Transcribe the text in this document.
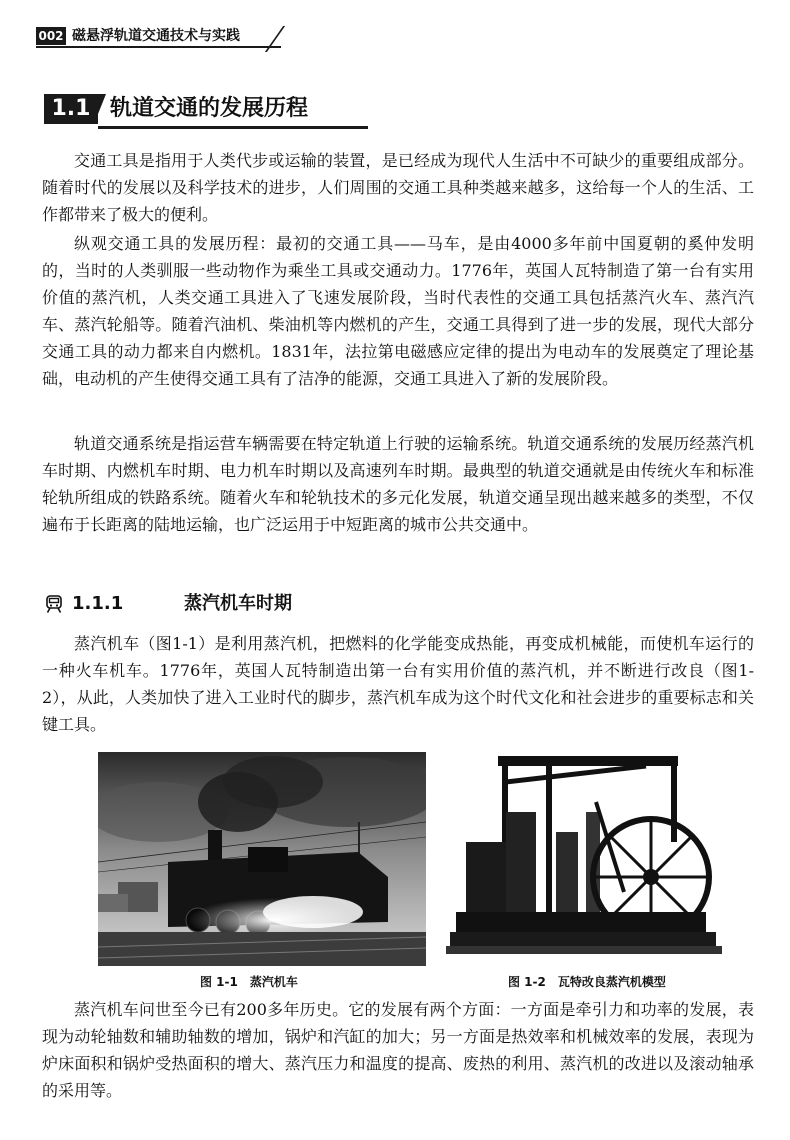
002 磁悬浮轨道交通技术与实践
1.1 轨道交通的发展历程

交通工具是指用于人类代步或运输的装置，是已经成为现代人生活中不可缺少的重要组成部分。随着时代的发展以及科学技术的进步，人们周围的交通工具种类越来越多，这给每一个人的生活、工作都带来了极大的便利。

纵观交通工具的发展历程：最初的交通工具——马车，是由4000多年前中国夏朝的奚仲发明的，当时的人类驯服一些动物作为乘坐工具或交通动力。1776年，英国人瓦特制造了第一台有实用价值的蒸汽机，人类交通工具进入了飞速发展阶段，当时代表性的交通工具包括蒸汽火车、蒸汽汽车、蒸汽轮船等。随着汽油机、柴油机等内燃机的产生，交通工具得到了进一步的发展，现代大部分交通工具的动力都来自内燃机。1831年，法拉第电磁感应定律的提出为电动车的发展奠定了理论基础，电动机的产生使得交通工具有了洁净的能源，交通工具进入了新的发展阶段。

轨道交通系统是指运营车辆需要在特定轨道上行驶的运输系统。轨道交通系统的发展历经蒸汽机车时期、内燃机车时期、电力机车时期以及高速列车时期。最典型的轨道交通就是由传统火车和标准轮轨所组成的铁路系统。随着火车和轮轨技术的多元化发展，轨道交通呈现出越来越多的类型，不仅遍布于长距离的陆地运输，也广泛运用于中短距离的城市公共交通中。

1.1.1	蒸汽机车时期

蒸汽机车（图1-1）是利用蒸汽机，把燃料的化学能变成热能，再变成机械能，而使机车运行的一种火车机车。1776年，英国人瓦特制造出第一台有实用价值的蒸汽机，并不断进行改良（图1-2），从此，人类加快了进入工业时代的脚步，蒸汽机车成为这个时代文化和社会进步的重要标志和关键工具。

图 1-1　蒸汽机车	图 1-2　瓦特改良蒸汽机模型

蒸汽机车问世至今已有200多年历史。它的发展有两个方面：一方面是牵引力和功率的发展，表现为动轮轴数和辅助轴数的增加，锅炉和汽缸的加大；另一方面是热效率和机械效率的发展，表现为炉床面积和锅炉受热面积的增大、蒸汽压力和温度的提高、废热的利用、蒸汽机的改进以及滚动轴承的采用等。
